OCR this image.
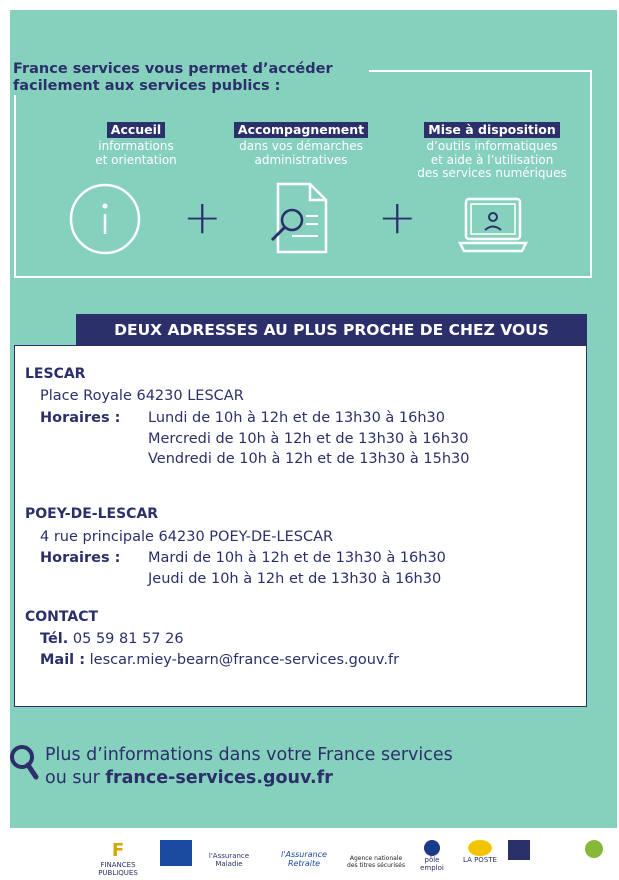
France services vous permet d’accéder
facilement aux services publics :
Accueil
informations
et orientation
Accompagnement
dans vos démarches
administratives
Mise à disposition
d’outils informatiques
et aide à l’utilisation
des services numériques
+	+
DEUX ADRESSES AU PLUS PROCHE DE CHEZ VOUS
LESCAR
Place Royale 64230 LESCAR
Horaires : Lundi de 10h à 12h et de 13h30 à 16h30
Mercredi de 10h à 12h et de 13h30 à 16h30
Vendredi de 10h à 12h et de 13h30 à 15h30
POEY-DE-LESCAR
4 rue principale 64230 POEY-DE-LESCAR
Horaires : Mardi de 10h à 12h et de 13h30 à 16h30
Jeudi de 10h à 12h et de 13h30 à 16h30
CONTACT
Tél. 05 59 81 57 26
Mail : lescar.miey-bearn@france-services.gouv.fr
Plus d’informations dans votre France services
ou sur france-services.gouv.fr
F
FINANCES PUBLIQUES
l'Assurance Maladie
l'Assurance Retraite
Agence nationale des titres sécurisés
pôle emploi
LA POSTE
